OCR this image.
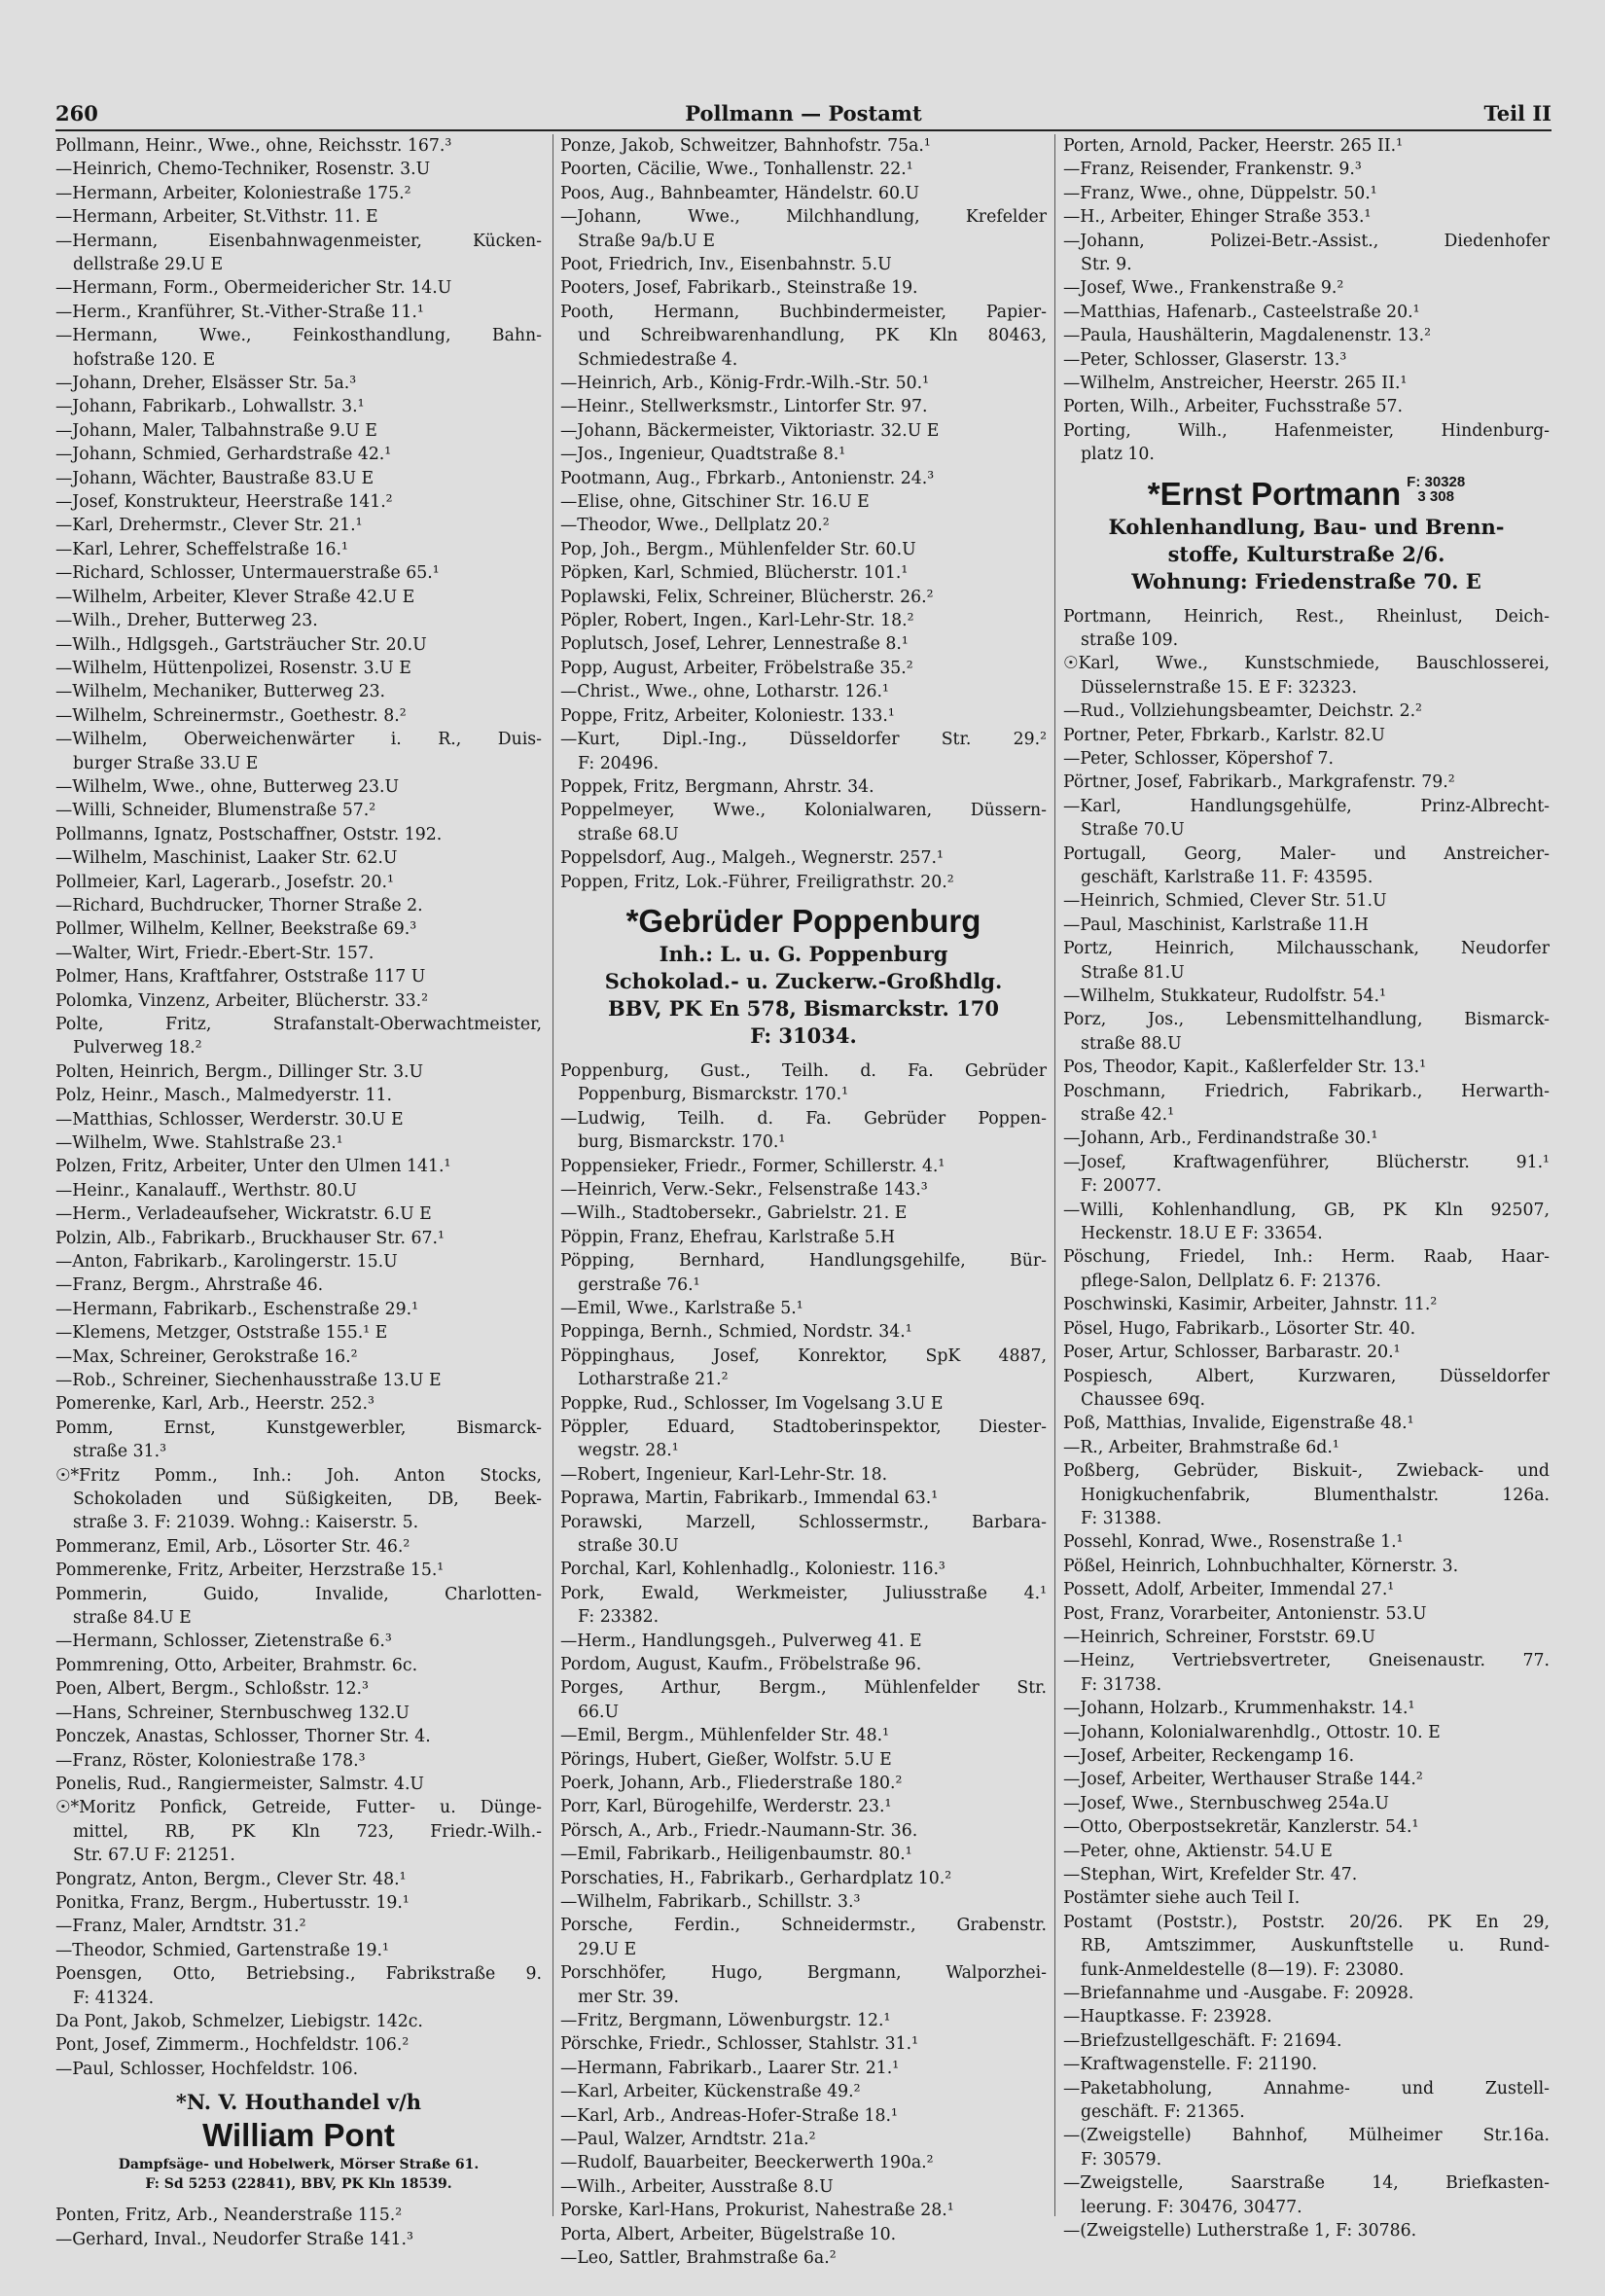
260	Pollmann — Postamt	Teil II
Pollmann, Heinr., Wwe., ohne, Reichsstr. 167.³
—Heinrich, Chemo-Techniker, Rosenstr. 3.U
—Hermann, Arbeiter, Koloniestraße 175.²
—Hermann, Arbeiter, St.Vithstr. 11. E
—Hermann, Eisenbahnwagenmeister, Kücken-
dellstraße 29.U E
—Hermann, Form., Obermeidericher Str. 14.U
—Herm., Kranführer, St.-Vither-Straße 11.¹
—Hermann, Wwe., Feinkosthandlung, Bahn-
hofstraße 120. E
—Johann, Dreher, Elsässer Str. 5a.³
—Johann, Fabrikarb., Lohwallstr. 3.¹
—Johann, Maler, Talbahnstraße 9.U E
—Johann, Schmied, Gerhardstraße 42.¹
—Johann, Wächter, Baustraße 83.U E
—Josef, Konstrukteur, Heerstraße 141.²
—Karl, Drehermstr., Clever Str. 21.¹
—Karl, Lehrer, Scheffelstraße 16.¹
—Richard, Schlosser, Untermauerstraße 65.¹
—Wilhelm, Arbeiter, Klever Straße 42.U E
—Wilh., Dreher, Butterweg 23.
—Wilh., Hdlgsgeh., Gartsträucher Str. 20.U
—Wilhelm, Hüttenpolizei, Rosenstr. 3.U E
—Wilhelm, Mechaniker, Butterweg 23.
—Wilhelm, Schreinermstr., Goethestr. 8.²
—Wilhelm, Oberweichenwärter i. R., Duis-
burger Straße 33.U E
—Wilhelm, Wwe., ohne, Butterweg 23.U
—Willi, Schneider, Blumenstraße 57.²
Pollmanns, Ignatz, Postschaffner, Oststr. 192.
—Wilhelm, Maschinist, Laaker Str. 62.U
Pollmeier, Karl, Lagerarb., Josefstr. 20.¹
—Richard, Buchdrucker, Thorner Straße 2.
Pollmer, Wilhelm, Kellner, Beekstraße 69.³
—Walter, Wirt, Friedr.-Ebert-Str. 157.
Polmer, Hans, Kraftfahrer, Oststraße 117 U
Polomka, Vinzenz, Arbeiter, Blücherstr. 33.²
Polte, Fritz, Strafanstalt-Oberwachtmeister,
Pulverweg 18.²
Polten, Heinrich, Bergm., Dillinger Str. 3.U
Polz, Heinr., Masch., Malmedyerstr. 11.
—Matthias, Schlosser, Werderstr. 30.U E
—Wilhelm, Wwe. Stahlstraße 23.¹
Polzen, Fritz, Arbeiter, Unter den Ulmen 141.¹
—Heinr., Kanalauff., Werthstr. 80.U
—Herm., Verladeaufseher, Wickratstr. 6.U E
Polzin, Alb., Fabrikarb., Bruckhauser Str. 67.¹
—Anton, Fabrikarb., Karolingerstr. 15.U
—Franz, Bergm., Ahrstraße 46.
—Hermann, Fabrikarb., Eschenstraße 29.¹
—Klemens, Metzger, Oststraße 155.¹ E
—Max, Schreiner, Gerokstraße 16.²
—Rob., Schreiner, Siechenhausstraße 13.U E
Pomerenke, Karl, Arb., Heerstr. 252.³
Pomm, Ernst, Kunstgewerbler, Bismarck-
straße 31.³
☉*Fritz Pomm., Inh.: Joh. Anton Stocks,
Schokoladen und Süßigkeiten, DB, Beek-
straße 3. F: 21039. Wohng.: Kaiserstr. 5.
Pommeranz, Emil, Arb., Lösorter Str. 46.²
Pommerenke, Fritz, Arbeiter, Herzstraße 15.¹
Pommerin, Guido, Invalide, Charlotten-
straße 84.U E
—Hermann, Schlosser, Zietenstraße 6.³
Pommrening, Otto, Arbeiter, Brahmstr. 6c.
Poen, Albert, Bergm., Schloßstr. 12.³
—Hans, Schreiner, Sternbuschweg 132.U
Ponczek, Anastas, Schlosser, Thorner Str. 4.
—Franz, Röster, Koloniestraße 178.³
Ponelis, Rud., Rangiermeister, Salmstr. 4.U
☉*Moritz Ponfick, Getreide, Futter- u. Dünge-
mittel, RB, PK Kln 723, Friedr.-Wilh.-
Str. 67.U F: 21251.
Pongratz, Anton, Bergm., Clever Str. 48.¹
Ponitka, Franz, Bergm., Hubertusstr. 19.¹
—Franz, Maler, Arndtstr. 31.²
—Theodor, Schmied, Gartenstraße 19.¹
Poensgen, Otto, Betriebsing., Fabrikstraße 9.
F: 41324.
Da Pont, Jakob, Schmelzer, Liebigstr. 142c.
Pont, Josef, Zimmerm., Hochfeldstr. 106.²
—Paul, Schlosser, Hochfeldstr. 106.
*N. V. Houthandel v/h
William Pont
Dampfsäge- und Hobelwerk, Mörser Straße 61.
F: Sd 5253 (22841), BBV, PK Kln 18539.
Ponten, Fritz, Arb., Neanderstraße 115.²
—Gerhard, Inval., Neudorfer Straße 141.³
Ponze, Jakob, Schweitzer, Bahnhofstr. 75a.¹
Poorten, Cäcilie, Wwe., Tonhallenstr. 22.¹
Poos, Aug., Bahnbeamter, Händelstr. 60.U
—Johann, Wwe., Milchhandlung, Krefelder
Straße 9a/b.U E
Poot, Friedrich, Inv., Eisenbahnstr. 5.U
Pooters, Josef, Fabrikarb., Steinstraße 19.
Pooth, Hermann, Buchbindermeister, Papier-
und Schreibwarenhandlung, PK Kln 80463,
Schmiedestraße 4.
—Heinrich, Arb., König-Frdr.-Wilh.-Str. 50.¹
—Heinr., Stellwerksmstr., Lintorfer Str. 97.
—Johann, Bäckermeister, Viktoriastr. 32.U E
—Jos., Ingenieur, Quadtstraße 8.¹
Pootmann, Aug., Fbrkarb., Antonienstr. 24.³
—Elise, ohne, Gitschiner Str. 16.U E
—Theodor, Wwe., Dellplatz 20.²
Pop, Joh., Bergm., Mühlenfelder Str. 60.U
Pöpken, Karl, Schmied, Blücherstr. 101.¹
Poplawski, Felix, Schreiner, Blücherstr. 26.²
Pöpler, Robert, Ingen., Karl-Lehr-Str. 18.²
Poplutsch, Josef, Lehrer, Lennestraße 8.¹
Popp, August, Arbeiter, Fröbelstraße 35.²
—Christ., Wwe., ohne, Lotharstr. 126.¹
Poppe, Fritz, Arbeiter, Koloniestr. 133.¹
—Kurt, Dipl.-Ing., Düsseldorfer Str. 29.²
F: 20496.
Poppek, Fritz, Bergmann, Ahrstr. 34.
Poppelmeyer, Wwe., Kolonialwaren, Düssern-
straße 68.U
Poppelsdorf, Aug., Malgeh., Wegnerstr. 257.¹
Poppen, Fritz, Lok.-Führer, Freiligrathstr. 20.²
*Gebrüder Poppenburg
Inh.: L. u. G. Poppenburg
Schokolad.- u. Zuckerw.-Großhdlg.
BBV, PK En 578, Bismarckstr. 170
F: 31034.
Poppenburg, Gust., Teilh. d. Fa. Gebrüder
Poppenburg, Bismarckstr. 170.¹
—Ludwig, Teilh. d. Fa. Gebrüder Poppen-
burg, Bismarckstr. 170.¹
Poppensieker, Friedr., Former, Schillerstr. 4.¹
—Heinrich, Verw.-Sekr., Felsenstraße 143.³
—Wilh., Stadtobersekr., Gabrielstr. 21. E
Pöppin, Franz, Ehefrau, Karlstraße 5.H
Pöpping, Bernhard, Handlungsgehilfe, Bür-
gerstraße 76.¹
—Emil, Wwe., Karlstraße 5.¹
Poppinga, Bernh., Schmied, Nordstr. 34.¹
Pöppinghaus, Josef, Konrektor, SpK 4887,
Lotharstraße 21.²
Poppke, Rud., Schlosser, Im Vogelsang 3.U E
Pöppler, Eduard, Stadtoberinspektor, Diester-
wegstr. 28.¹
—Robert, Ingenieur, Karl-Lehr-Str. 18.
Poprawa, Martin, Fabrikarb., Immendal 63.¹
Porawski, Marzell, Schlossermstr., Barbara-
straße 30.U
Porchal, Karl, Kohlenhadlg., Koloniestr. 116.³
Pork, Ewald, Werkmeister, Juliusstraße 4.¹
F: 23382.
—Herm., Handlungsgeh., Pulverweg 41. E
Pordom, August, Kaufm., Fröbelstraße 96.
Porges, Arthur, Bergm., Mühlenfelder Str.
66.U
—Emil, Bergm., Mühlenfelder Str. 48.¹
Pörings, Hubert, Gießer, Wolfstr. 5.U E
Poerk, Johann, Arb., Fliederstraße 180.²
Porr, Karl, Bürogehilfe, Werderstr. 23.¹
Pörsch, A., Arb., Friedr.-Naumann-Str. 36.
—Emil, Fabrikarb., Heiligenbaumstr. 80.¹
Porschaties, H., Fabrikarb., Gerhardplatz 10.²
—Wilhelm, Fabrikarb., Schillstr. 3.³
Porsche, Ferdin., Schneidermstr., Grabenstr.
29.U E
Porschhöfer, Hugo, Bergmann, Walporzhei-
mer Str. 39.
—Fritz, Bergmann, Löwenburgstr. 12.¹
Pörschke, Friedr., Schlosser, Stahlstr. 31.¹
—Hermann, Fabrikarb., Laarer Str. 21.¹
—Karl, Arbeiter, Kückenstraße 49.²
—Karl, Arb., Andreas-Hofer-Straße 18.¹
—Paul, Walzer, Arndtstr. 21a.²
—Rudolf, Bauarbeiter, Beeckerwerth 190a.²
—Wilh., Arbeiter, Ausstraße 8.U
Porske, Karl-Hans, Prokurist, Nahestraße 28.¹
Porta, Albert, Arbeiter, Bügelstraße 10.
—Leo, Sattler, Brahmstraße 6a.²
Porten, Arnold, Packer, Heerstr. 265 II.¹
—Franz, Reisender, Frankenstr. 9.³
—Franz, Wwe., ohne, Düppelstr. 50.¹
—H., Arbeiter, Ehinger Straße 353.¹
—Johann, Polizei-Betr.-Assist., Diedenhofer
Str. 9.
—Josef, Wwe., Frankenstraße 9.²
—Matthias, Hafenarb., Casteelstraße 20.¹
—Paula, Haushälterin, Magdalenenstr. 13.²
—Peter, Schlosser, Glaserstr. 13.³
—Wilhelm, Anstreicher, Heerstr. 265 II.¹
Porten, Wilh., Arbeiter, Fuchsstraße 57.
Porting, Wilh., Hafenmeister, Hindenburg-
platz 10.
*Ernst Portmann F: 30328
3 308
Kohlenhandlung, Bau- und Brenn-
stoffe, Kulturstraße 2/6.
Wohnung: Friedenstraße 70. E
Portmann, Heinrich, Rest., Rheinlust, Deich-
straße 109.
☉Karl, Wwe., Kunstschmiede, Bauschlosserei,
Düsselernstraße 15. E F: 32323.
—Rud., Vollziehungsbeamter, Deichstr. 2.²
Portner, Peter, Fbrkarb., Karlstr. 82.U
—Peter, Schlosser, Köpershof 7.
Pörtner, Josef, Fabrikarb., Markgrafenstr. 79.²
—Karl, Handlungsgehülfe, Prinz-Albrecht-
Straße 70.U
Portugall, Georg, Maler- und Anstreicher-
geschäft, Karlstraße 11. F: 43595.
—Heinrich, Schmied, Clever Str. 51.U
—Paul, Maschinist, Karlstraße 11.H
Portz, Heinrich, Milchausschank, Neudorfer
Straße 81.U
—Wilhelm, Stukkateur, Rudolfstr. 54.¹
Porz, Jos., Lebensmittelhandlung, Bismarck-
straße 88.U
Pos, Theodor, Kapit., Kaßlerfelder Str. 13.¹
Poschmann, Friedrich, Fabrikarb., Herwarth-
straße 42.¹
—Johann, Arb., Ferdinandstraße 30.¹
—Josef, Kraftwagenführer, Blücherstr. 91.¹
F: 20077.
—Willi, Kohlenhandlung, GB, PK Kln 92507,
Heckenstr. 18.U E F: 33654.
Pöschung, Friedel, Inh.: Herm. Raab, Haar-
pflege-Salon, Dellplatz 6. F: 21376.
Poschwinski, Kasimir, Arbeiter, Jahnstr. 11.²
Pösel, Hugo, Fabrikarb., Lösorter Str. 40.
Poser, Artur, Schlosser, Barbarastr. 20.¹
Pospiesch, Albert, Kurzwaren, Düsseldorfer
Chaussee 69q.
Poß, Matthias, Invalide, Eigenstraße 48.¹
—R., Arbeiter, Brahmstraße 6d.¹
Poßberg, Gebrüder, Biskuit-, Zwieback- und
Honigkuchenfabrik, Blumenthalstr. 126a.
F: 31388.
Possehl, Konrad, Wwe., Rosenstraße 1.¹
Pößel, Heinrich, Lohnbuchhalter, Körnerstr. 3.
Possett, Adolf, Arbeiter, Immendal 27.¹
Post, Franz, Vorarbeiter, Antonienstr. 53.U
—Heinrich, Schreiner, Forststr. 69.U
—Heinz, Vertriebsvertreter, Gneisenaustr. 77.
F: 31738.
—Johann, Holzarb., Krummenhakstr. 14.¹
—Johann, Kolonialwarenhdlg., Ottostr. 10. E
—Josef, Arbeiter, Reckengamp 16.
—Josef, Arbeiter, Werthauser Straße 144.²
—Josef, Wwe., Sternbuschweg 254a.U
—Otto, Oberpostsekretär, Kanzlerstr. 54.¹
—Peter, ohne, Aktienstr. 54.U E
—Stephan, Wirt, Krefelder Str. 47.
Postämter siehe auch Teil I.
Postamt (Poststr.), Poststr. 20/26. PK En 29,
RB, Amtszimmer, Auskunftstelle u. Rund-
funk-Anmeldestelle (8—19). F: 23080.
—Briefannahme und -Ausgabe. F: 20928.
—Hauptkasse. F: 23928.
—Briefzustellgeschäft. F: 21694.
—Kraftwagenstelle. F: 21190.
—Paketabholung, Annahme- und Zustell-
geschäft. F: 21365.
—(Zweigstelle) Bahnhof, Mülheimer Str.16a.
F: 30579.
—Zweigstelle, Saarstraße 14, Briefkasten-
leerung. F: 30476, 30477.
—(Zweigstelle) Lutherstraße 1, F: 30786.
